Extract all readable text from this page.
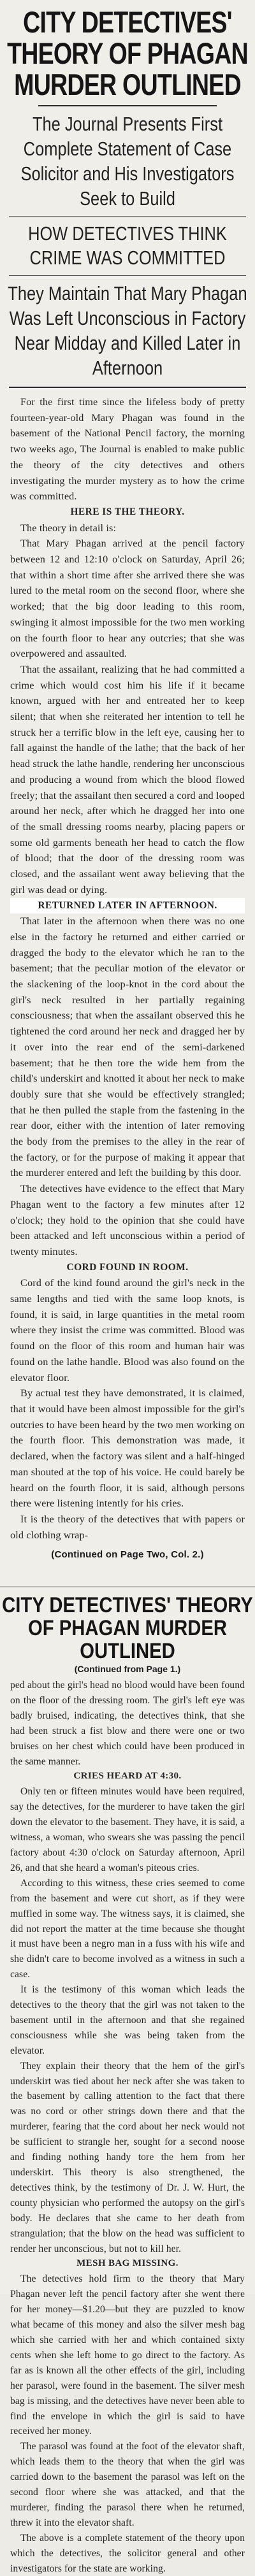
CITY DETECTIVES' THEORY OF PHAGAN MURDER OUTLINED
The Journal Presents First Complete Statement of Case Solicitor and His Investigators Seek to Build
HOW DETECTIVES THINK CRIME WAS COMMITTED
They Maintain That Mary Phagan Was Left Unconscious in Factory Near Midday and Killed Later in Afternoon

For the first time since the lifeless body of pretty fourteen-year-old Mary Phagan was found in the basement of the National Pencil factory, the morning two weeks ago, The Journal is enabled to make public the theory of the city detectives and others investigating the murder mystery as to how the crime was committed.

HERE IS THE THEORY.

The theory in detail is:

That Mary Phagan arrived at the pencil factory between 12 and 12:10 o'clock on Saturday, April 26; that within a short time after she arrived there she was lured to the metal room on the second floor, where she worked; that the big door leading to this room, swinging it almost impossible for the two men working on the fourth floor to hear any outcries; that she was overpowered and assaulted.

That the assailant, realizing that he had committed a crime which would cost him his life if it became known, argued with her and entreated her to keep silent; that when she reiterated her intention to tell he struck her a terrific blow in the left eye, causing her to fall against the handle of the lathe; that the back of her head struck the lathe handle, rendering her unconscious and producing a wound from which the blood flowed freely; that the assailant then secured a cord and looped around her neck, after which he dragged her into one of the small dressing rooms nearby, placing papers or some old garments beneath her head to catch the flow of blood; that the door of the dressing room was closed, and the assailant went away believing that the girl was dead or dying.

RETURNED LATER IN AFTERNOON.

That later in the afternoon when there was no one else in the factory he returned and either carried or dragged the body to the elevator which he ran to the basement; that the peculiar motion of the elevator or the slackening of the loop-knot in the cord about the girl's neck resulted in her partially regaining consciousness; that when the assailant observed this he tightened the cord around her neck and dragged her by it over into the rear end of the semi-darkened basement; that he then tore the wide hem from the child's underskirt and knotted it about her neck to make doubly sure that she would be effectively strangled; that he then pulled the staple from the fastening in the rear door, either with the intention of later removing the body from the premises to the alley in the rear of the factory, or for the purpose of making it appear that the murderer entered and left the building by this door.

The detectives have evidence to the effect that Mary Phagan went to the factory a few minutes after 12 o'clock; they hold to the opinion that she could have been attacked and left unconscious within a period of twenty minutes.

CORD FOUND IN ROOM.

Cord of the kind found around the girl's neck in the same lengths and tied with the same loop knots, is found, it is said, in large quantities in the metal room where they insist the crime was committed. Blood was found on the floor of this room and human hair was found on the lathe handle. Blood was also found on the elevator floor.

By actual test they have demonstrated, it is claimed, that it would have been almost impossible for the girl's outcries to have been heard by the two men working on the fourth floor. This demonstration was made, it declared, when the factory was silent and a half-hinged man shouted at the top of his voice. He could barely be heard on the fourth floor, it is said, although persons there were listening intently for his cries.

It is the theory of the detectives that with papers or old clothing wrap-

(Continued on Page Two, Col. 2.)
CITY DETECTIVES' THEORY OF PHAGAN MURDER OUTLINED
(Continued from Page 1.)

ped about the girl's head no blood would have been found on the floor of the dressing room. The girl's left eye was badly bruised, indicating, the detectives think, that she had been struck a fist blow and there were one or two bruises on her chest which could have been produced in the same manner.

CRIES HEARD AT 4:30.

Only ten or fifteen minutes would have been required, say the detectives, for the murderer to have taken the girl down the elevator to the basement. They have, it is said, a witness, a woman, who swears she was passing the pencil factory about 4:30 o'clock on Saturday afternoon, April 26, and that she heard a woman's piteous cries.

According to this witness, these cries seemed to come from the basement and were cut short, as if they were muffled in some way. The witness says, it is claimed, she did not report the matter at the time because she thought it must have been a negro man in a fuss with his wife and she didn't care to become involved as a witness in such a case.

It is the testimony of this woman which leads the detectives to the theory that the girl was not taken to the basement until in the afternoon and that she regained consciousness while she was being taken from the elevator.

They explain their theory that the hem of the girl's underskirt was tied about her neck after she was taken to the basement by calling attention to the fact that there was no cord or other strings down there and that the murderer, fearing that the cord about her neck would not be sufficient to strangle her, sought for a second noose and finding nothing handy tore the hem from her underskirt. This theory is also strengthened, the detectives think, by the testimony of Dr. J. W. Hurt, the county physician who performed the autopsy on the girl's body. He declares that she came to her death from strangulation; that the blow on the head was sufficient to render her unconscious, but not to kill her.

MESH BAG MISSING.

The detectives hold firm to the theory that Mary Phagan never left the pencil factory after she went there for her money—$1.20—but they are puzzled to know what became of this money and also the silver mesh bag which she carried with her and which contained sixty cents when she left home to go direct to the factory. As far as is known all the other effects of the girl, including her parasol, were found in the basement. The silver mesh bag is missing, and the detectives have never been able to find the envelope in which the girl is said to have received her money.

The parasol was found at the foot of the elevator shaft, which leads them to the theory that when the girl was carried down to the basement the parasol was left on the second floor where she was attacked, and that the murderer, finding the parasol there when he returned, threw it into the elevator shaft.

The above is a complete statement of the theory upon which the detectives, the solicitor general and other investigators for the state are working.
